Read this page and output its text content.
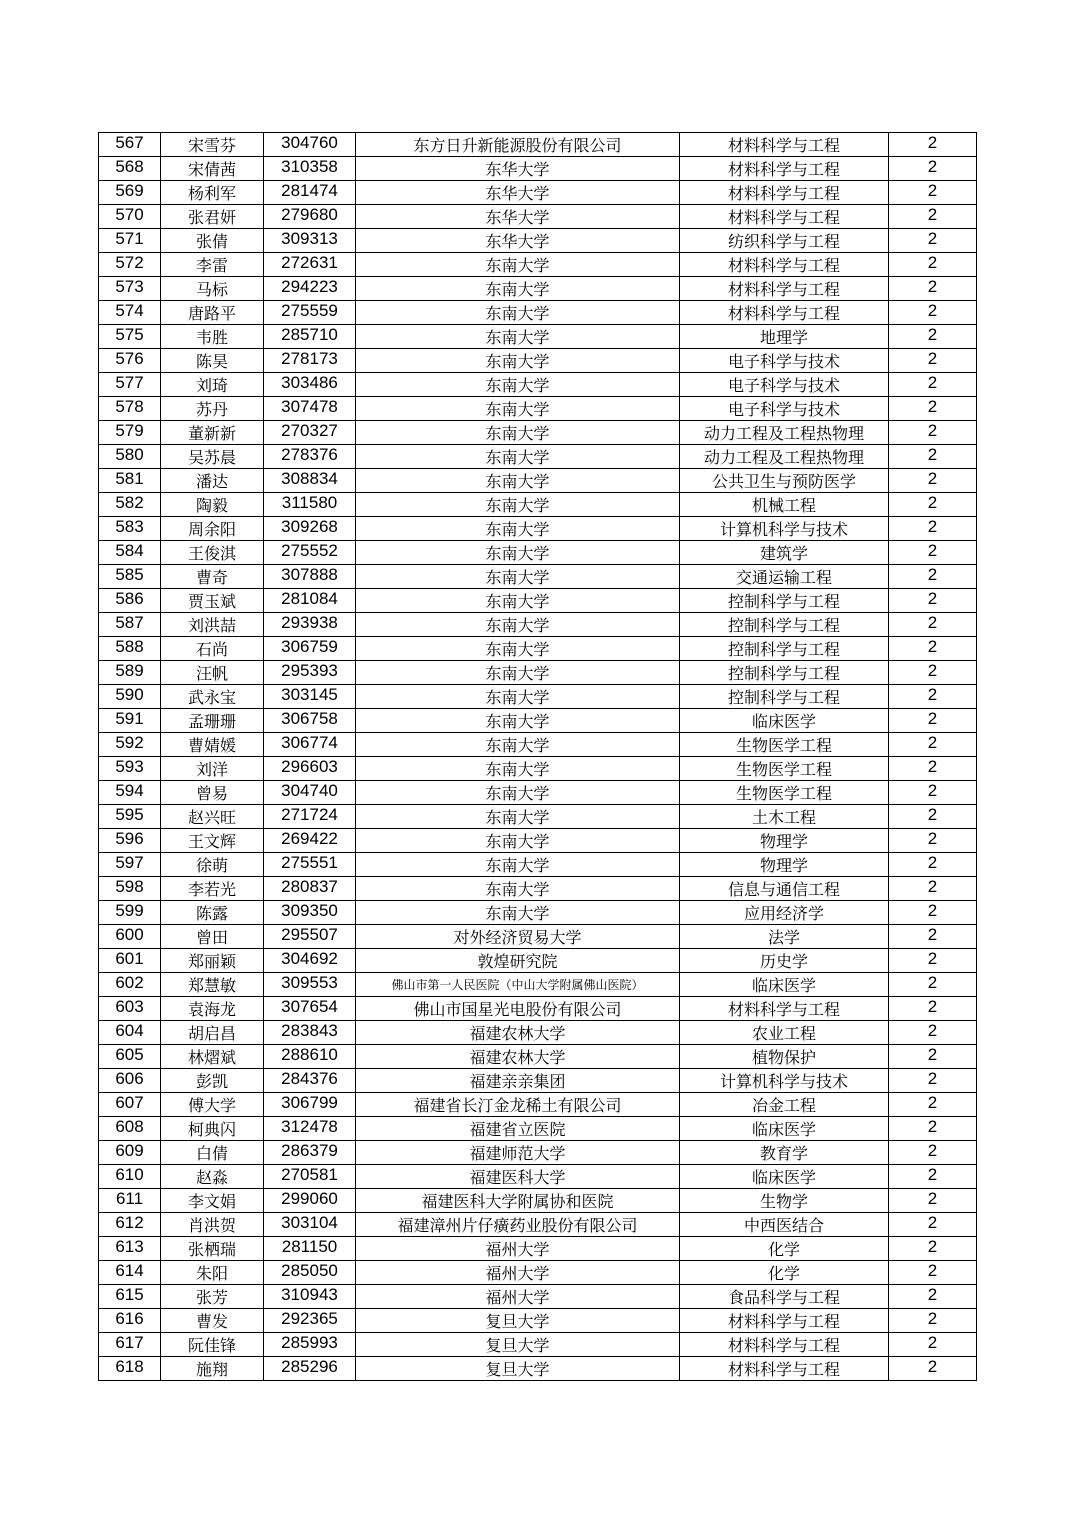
567	宋雪芬	304760	东方日升新能源股份有限公司	材料科学与工程	2
568	宋倩茜	310358	东华大学	材料科学与工程	2
569	杨利军	281474	东华大学	材料科学与工程	2
570	张君妍	279680	东华大学	材料科学与工程	2
571	张倩	309313	东华大学	纺织科学与工程	2
572	李雷	272631	东南大学	材料科学与工程	2
573	马标	294223	东南大学	材料科学与工程	2
574	唐路平	275559	东南大学	材料科学与工程	2
575	韦胜	285710	东南大学	地理学	2
576	陈昊	278173	东南大学	电子科学与技术	2
577	刘琦	303486	东南大学	电子科学与技术	2
578	苏丹	307478	东南大学	电子科学与技术	2
579	董新新	270327	东南大学	动力工程及工程热物理	2
580	吴苏晨	278376	东南大学	动力工程及工程热物理	2
581	潘达	308834	东南大学	公共卫生与预防医学	2
582	陶毅	311580	东南大学	机械工程	2
583	周余阳	309268	东南大学	计算机科学与技术	2
584	王俊淇	275552	东南大学	建筑学	2
585	曹奇	307888	东南大学	交通运输工程	2
586	贾玉斌	281084	东南大学	控制科学与工程	2
587	刘洪喆	293938	东南大学	控制科学与工程	2
588	石尚	306759	东南大学	控制科学与工程	2
589	汪帆	295393	东南大学	控制科学与工程	2
590	武永宝	303145	东南大学	控制科学与工程	2
591	孟珊珊	306758	东南大学	临床医学	2
592	曹婧媛	306774	东南大学	生物医学工程	2
593	刘洋	296603	东南大学	生物医学工程	2
594	曾易	304740	东南大学	生物医学工程	2
595	赵兴旺	271724	东南大学	土木工程	2
596	王文辉	269422	东南大学	物理学	2
597	徐萌	275551	东南大学	物理学	2
598	李若光	280837	东南大学	信息与通信工程	2
599	陈露	309350	东南大学	应用经济学	2
600	曾田	295507	对外经济贸易大学	法学	2
601	郑丽颖	304692	敦煌研究院	历史学	2
602	郑慧敏	309553	佛山市第一人民医院（中山大学附属佛山医院）	临床医学	2
603	袁海龙	307654	佛山市国星光电股份有限公司	材料科学与工程	2
604	胡启昌	283843	福建农林大学	农业工程	2
605	林熠斌	288610	福建农林大学	植物保护	2
606	彭凯	284376	福建亲亲集团	计算机科学与技术	2
607	傅大学	306799	福建省长汀金龙稀土有限公司	冶金工程	2
608	柯典闪	312478	福建省立医院	临床医学	2
609	白倩	286379	福建师范大学	教育学	2
610	赵淼	270581	福建医科大学	临床医学	2
611	李文娟	299060	福建医科大学附属协和医院	生物学	2
612	肖洪贺	303104	福建漳州片仔癀药业股份有限公司	中西医结合	2
613	张栖瑞	281150	福州大学	化学	2
614	朱阳	285050	福州大学	化学	2
615	张芳	310943	福州大学	食品科学与工程	2
616	曹发	292365	复旦大学	材料科学与工程	2
617	阮佳锋	285993	复旦大学	材料科学与工程	2
618	施翔	285296	复旦大学	材料科学与工程	2
